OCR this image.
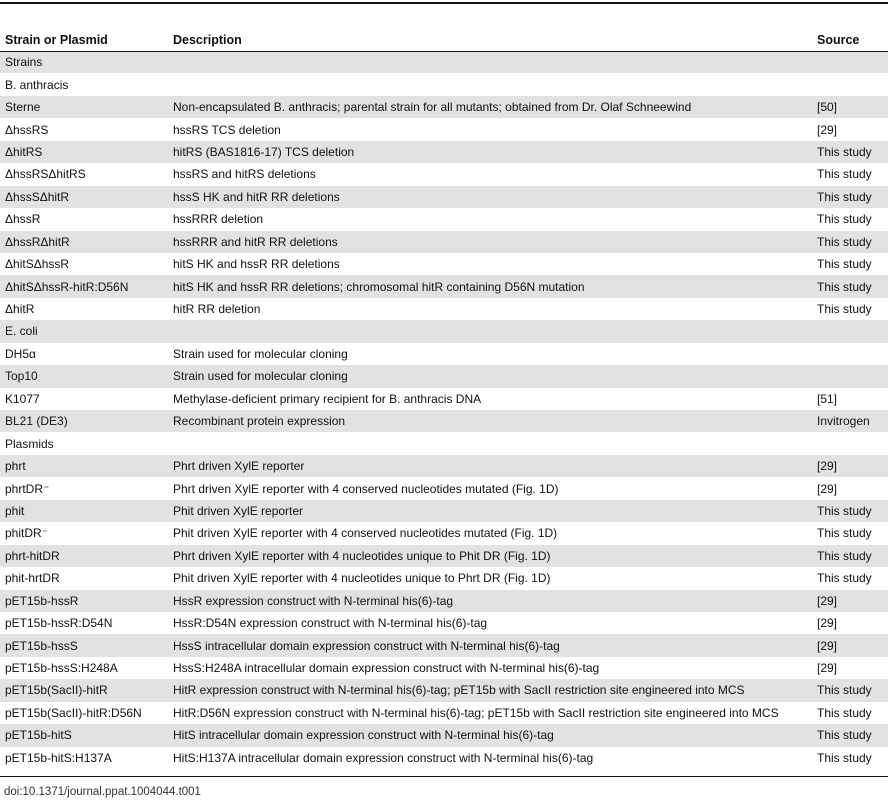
Strain or Plasmid	Description	Source
Strains		
B. anthracis		
Sterne	Non-encapsulated B. anthracis; parental strain for all mutants; obtained from Dr. Olaf Schneewind	[50]
ΔhssRS	hssRS TCS deletion	[29]
ΔhitRS	hitRS (BAS1816-17) TCS deletion	This study
ΔhssRSΔhitRS	hssRS and hitRS deletions	This study
ΔhssSΔhitR	hssS HK and hitR RR deletions	This study
ΔhssR	hssRRR deletion	This study
ΔhssRΔhitR	hssRRR and hitR RR deletions	This study
ΔhitSΔhssR	hitS HK and hssR RR deletions	This study
ΔhitSΔhssR-hitR:D56N	hitS HK and hssR RR deletions; chromosomal hitR containing D56N mutation	This study
ΔhitR	hitR RR deletion	This study
E. coli		
DH5α	Strain used for molecular cloning	
Top10	Strain used for molecular cloning	
K1077	Methylase-deficient primary recipient for B. anthracis DNA	[51]
BL21 (DE3)	Recombinant protein expression	Invitrogen
Plasmids		
phrt	Phrt driven XylE reporter	[29]
phrtDR⁻	Phrt driven XylE reporter with 4 conserved nucleotides mutated (Fig. 1D)	[29]
phit	Phit driven XylE reporter	This study
phitDR⁻	Phit driven XylE reporter with 4 conserved nucleotides mutated (Fig. 1D)	This study
phrt-hitDR	Phrt driven XylE reporter with 4 nucleotides unique to Phit DR (Fig. 1D)	This study
phit-hrtDR	Phit driven XylE reporter with 4 nucleotides unique to Phrt DR (Fig. 1D)	This study
pET15b-hssR	HssR expression construct with N-terminal his(6)-tag	[29]
pET15b-hssR:D54N	HssR:D54N expression construct with N-terminal his(6)-tag	[29]
pET15b-hssS	HssS intracellular domain expression construct with N-terminal his(6)-tag	[29]
pET15b-hssS:H248A	HssS:H248A intracellular domain expression construct with N-terminal his(6)-tag	[29]
pET15b(SacII)-hitR	HitR expression construct with N-terminal his(6)-tag; pET15b with SacII restriction site engineered into MCS	This study
pET15b(SacII)-hitR:D56N	HitR:D56N expression construct with N-terminal his(6)-tag; pET15b with SacII restriction site engineered into MCS	This study
pET15b-hitS	HitS intracellular domain expression construct with N-terminal his(6)-tag	This study
pET15b-hitS:H137A	HitS:H137A intracellular domain expression construct with N-terminal his(6)-tag	This study
doi:10.1371/journal.ppat.1004044.t001
